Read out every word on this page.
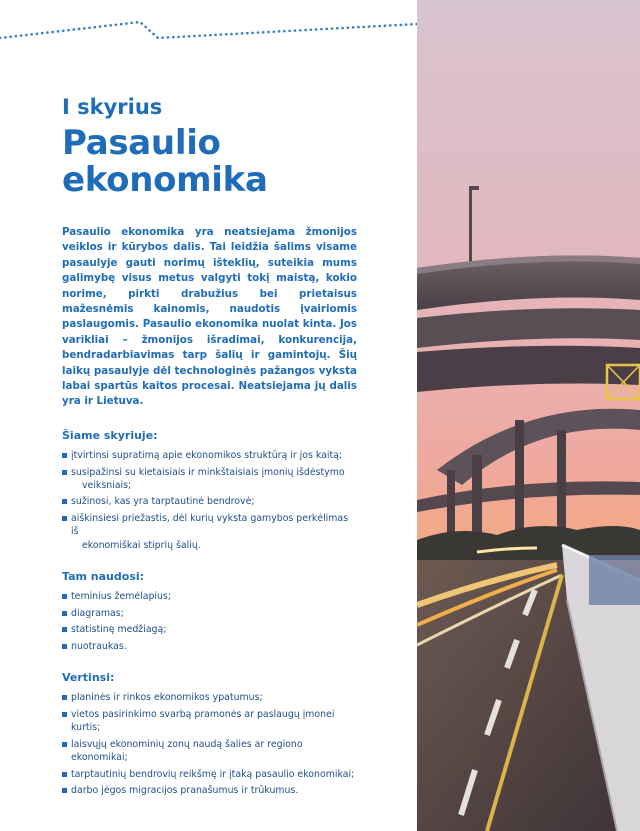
I skyrius
Pasaulio
ekonomika

Pasaulio ekonomika yra neatsiejama žmonijos veiklos ir kūrybos dalis. Tai leidžia šalims visame pasaulyje gauti norimų išteklių, suteikia mums galimybę visus metus valgyti tokį maistą, kokio norime, pirkti drabužius bei prietaisus mažesnėmis kainomis, naudotis įvairiomis paslaugomis. Pasaulio ekonomika nuolat kinta. Jos varikliai – žmonijos išradimai, konkurencija, bendradarbiavimas tarp šalių ir gamintojų. Šių laikų pasaulyje dėl technologinės pažangos vyksta labai spartūs kaitos procesai. Neatsiejama jų dalis yra ir Lietuva.

Šiame skyriuje:
įtvirtinsi supratimą apie ekonomikos struktūrą ir jos kaitą;
susipažinsi su kietaisiais ir minkštaisiais įmonių išdėstymo
veiksniais;
sužinosi, kas yra tarptautinė bendrovė;
aiškinsiesi priežastis, dėl kurių vyksta gamybos perkėlimas iš
ekonomiškai stiprių šalių.
Tam naudosi:
teminius žemėlapius;
diagramas;
statistinę medžiagą;
nuotraukas.
Vertinsi:
planinės ir rinkos ekonomikos ypatumus;
vietos pasirinkimo svarbą pramonės ar paslaugų įmonei kurtis;
laisvųjų ekonominių zonų naudą šalies ar regiono ekonomikai;
tarptautinių bendrovių reikšmę ir įtaką pasaulio ekonomikai;
darbo jėgos migracijos pranašumus ir trūkumus.
